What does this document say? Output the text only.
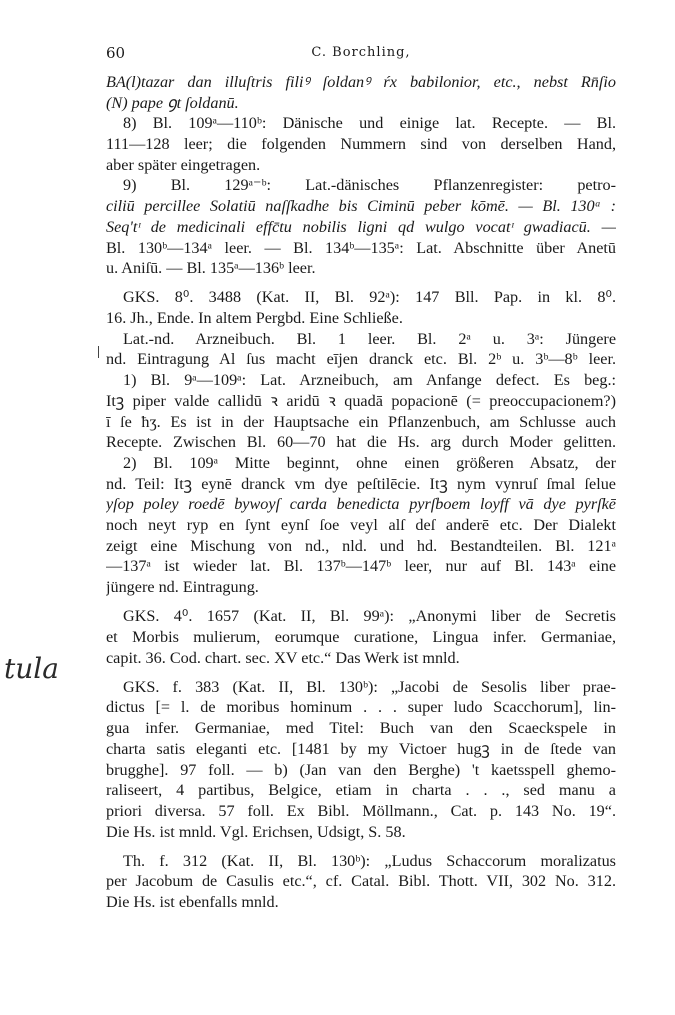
60	C. Borchling,
tula
BA(l)tazar dan illuſtris filiꝰ ſoldanꝰ ŕx babilonior, etc., nebst Rn̄ſio
(N) pape ꝯt ſoldanū.
8) Bl. 109ᵃ—110ᵇ: Dänische und einige lat. Recepte. — Bl.
111—128 leer; die folgenden Nummern sind von derselben Hand,
aber später eingetragen.
9) Bl. 129ᵃ⁻ᵇ: Lat.-dänisches Pflanzenregister: petro-
ciliū percillee Solatiū naſſkadhe bis Ciminū peber kōmē. — Bl. 130ᵃ :
Seq'tᶦ de medicinali effc̄tu nobilis ligni qd wulgo vocatᶦ gwadiacū. —
Bl. 130ᵇ—134ᵃ leer. — Bl. 134ᵇ—135ᵃ: Lat. Abschnitte über Anetū
u. Aniſū. — Bl. 135ᵃ—136ᵇ leer.
GKS. 8⁰. 3488 (Kat. II, Bl. 92ᵃ): 147 Bll. Pap. in kl. 8⁰.
16. Jh., Ende. In altem Pergbd. Eine Schließe.
Lat.-nd. Arzneibuch. Bl. 1 leer. Bl. 2ᵃ u. 3ᵃ: Jüngere
nd. Eintragung Al ſus macht eījen dranck etc. Bl. 2ᵇ u. 3ᵇ—8ᵇ leer.
1) Bl. 9ᵃ—109ᵃ: Lat. Arzneibuch, am Anfange defect. Es beg.:
Itꝫ piper valde callidū ꝛ aridū ꝛ quadā popacionē (= preoccupacionem?)
ī ſe ħʒ. Es ist in der Hauptsache ein Pflanzenbuch, am Schlusse auch
Recepte. Zwischen Bl. 60—70 hat die Hs. arg durch Moder gelitten.
2) Bl. 109ᵃ Mitte beginnt, ohne einen größeren Absatz, der
nd. Teil: Itꝫ eynē dranck vm dye peſtilēcie. Itꝫ nym vynruſ ſmal ſelue
yſop poley roedē bywoyſ carda benedicta pyrſboem loyff vā dye pyrſkē
noch neyt ryp en ſynt eynſ ſoe veyl alſ deſ anderē etc. Der Dialekt
zeigt eine Mischung von nd., nld. und hd. Bestandteilen. Bl. 121ᵃ
—137ᵃ ist wieder lat. Bl. 137ᵇ—147ᵇ leer, nur auf Bl. 143ᵃ eine
jüngere nd. Eintragung.
GKS. 4⁰. 1657 (Kat. II, Bl. 99ᵃ): „Anonymi liber de Secretis
et Morbis mulierum, eorumque curatione, Lingua infer. Germaniae,
capit. 36. Cod. chart. sec. XV etc.“ Das Werk ist mnld.
GKS. f. 383 (Kat. II, Bl. 130ᵇ): „Jacobi de Sesolis liber prae-
dictus [= l. de moribus hominum . . . super ludo Scacchorum], lin-
gua infer. Germaniae, med Titel: Buch van den Scaeckspele in
charta satis eleganti etc. [1481 by my Victoer hugꝫ in de ſtede van
brugghe]. 97 foll. — b) (Jan van den Berghe) 't kaetsspell ghemo-
raliseert, 4 partibus, Belgice, etiam in charta . . ., sed manu a
priori diversa. 57 foll. Ex Bibl. Möllmann., Cat. p. 143 No. 19“.
Die Hs. ist mnld. Vgl. Erichsen, Udsigt, S. 58.
Th. f. 312 (Kat. II, Bl. 130ᵇ): „Ludus Schaccorum moralizatus
per Jacobum de Casulis etc.“, cf. Catal. Bibl. Thott. VII, 302 No. 312.
Die Hs. ist ebenfalls mnld.
